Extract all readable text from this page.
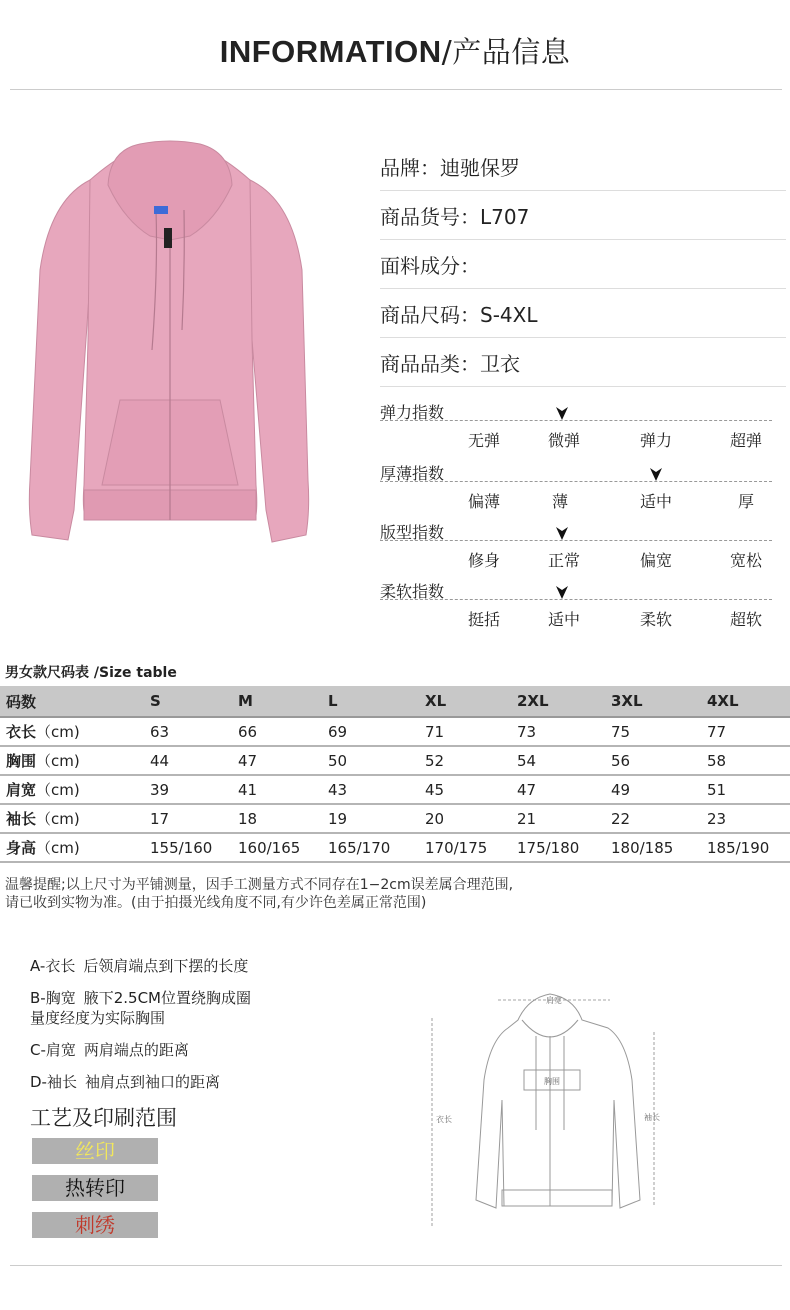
INFORMATION/产品信息
品牌：迪驰保罗
商品货号：L707
面料成分：
商品尺码：S-4XL
商品品类：卫衣
弹力指数
无弹	微弹	弹力	超弹
厚薄指数
偏薄	薄	适中	厚
版型指数
修身	正常	偏宽	宽松
柔软指数
挺括	适中	柔软	超软
男女款尺码表 /Size table
码数	S	M	L	XL	2XL	3XL	4XL
衣长（cm)	63	66	69	71	73	75	77
胸围（cm)	44	47	50	52	54	56	58
肩宽（cm)	39	41	43	45	47	49	51
袖长（cm)	17	18	19	20	21	22	23
身高（cm)	155/160	160/165	165/170	170/175	175/180	180/185	185/190
温馨提醒;以上尺寸为平铺测量，因手工测量方式不同存在1−2cm误差属合理范围,
请已收到实物为准。(由于拍摄光线角度不同,有少许色差属正常范围)
A-衣长 后领肩端点到下摆的长度
B-胸宽 腋下2.5CM位置绕胸成圈
量度经度为实际胸围
C-肩宽 两肩端点的距离
D-袖长 袖肩点到袖口的距离
工艺及印刷范围
丝印
热转印
刺绣
肩宽
胸围
衣长	袖长
